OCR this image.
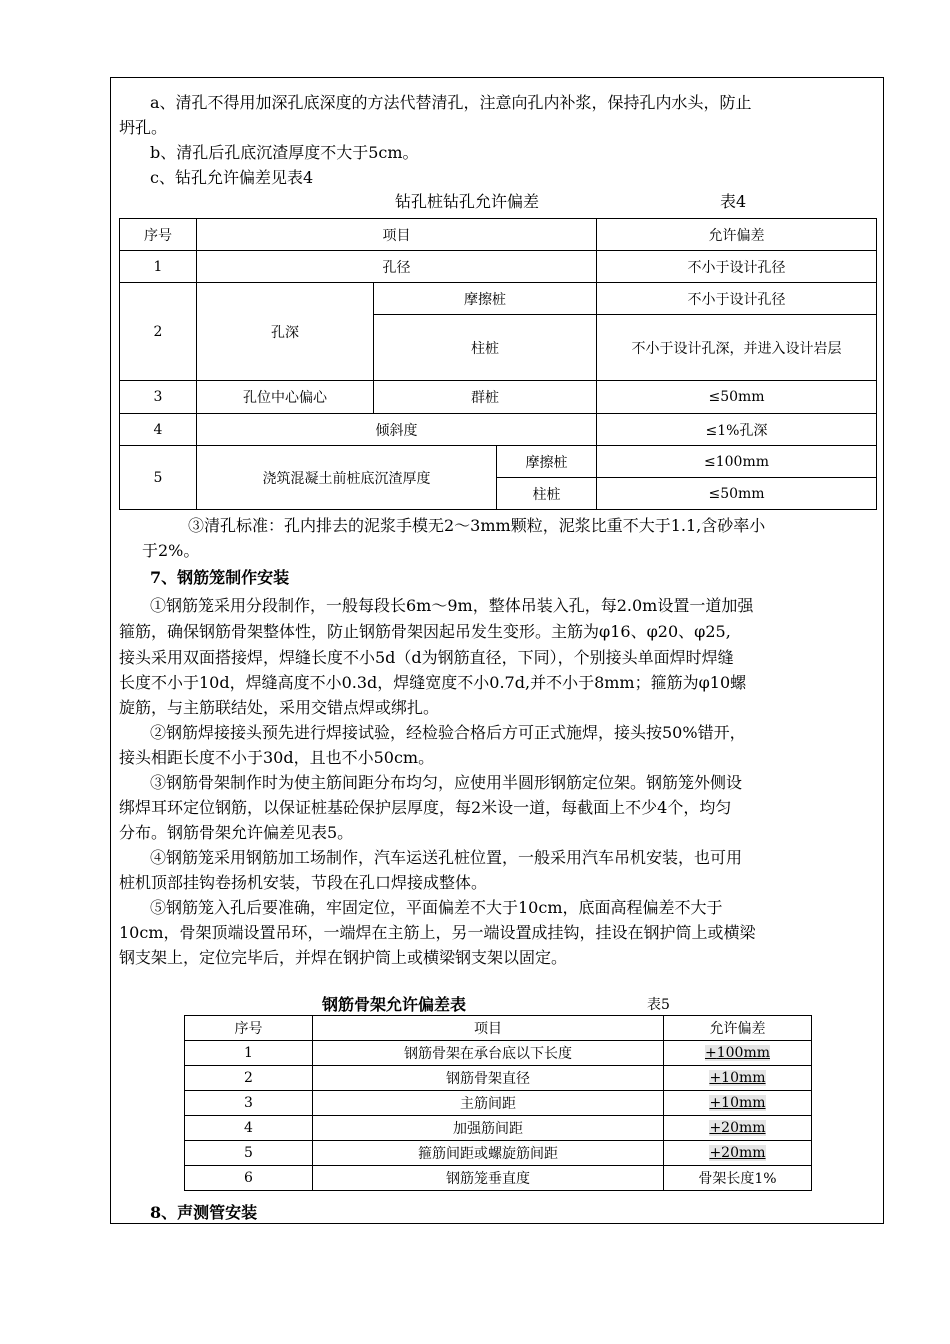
a、清孔不得用加深孔底深度的方法代替清孔，注意向孔内补浆，保持孔内水头，防止
坍孔。
b、清孔后孔底沉渣厚度不大于5cm。
c、钻孔允许偏差见表4
钻孔桩钻孔允许偏差	表4
序号	项目			允许偏差
1	孔径			不小于设计孔径
2	孔深	摩擦桩		不小于设计孔径
		柱桩		不小于设计孔深，并进入设计岩层
3	孔位中心偏心	群桩		≤50mm
4	倾斜度			≤1%孔深
5	浇筑混凝土前桩底沉渣厚度		摩擦桩	≤100mm
			柱桩	≤50mm
③清孔标准：孔内排去的泥浆手模无2～3mm颗粒，泥浆比重不大于1.1,含砂率小
于2%。
7、钢筋笼制作安装
①钢筋笼采用分段制作，一般每段长6m～9m，整体吊装入孔，每2.0m设置一道加强
箍筋，确保钢筋骨架整体性，防止钢筋骨架因起吊发生变形。主筋为φ16、φ20、φ25,
接头采用双面搭接焊，焊缝长度不小5d（d为钢筋直径，下同），个别接头单面焊时焊缝
长度不小于10d，焊缝高度不小0.3d，焊缝宽度不小0.7d,并不小于8mm；箍筋为φ10螺
旋筋，与主筋联结处，采用交错点焊或绑扎。
②钢筋焊接接头预先进行焊接试验，经检验合格后方可正式施焊，接头按50%错开，
接头相距长度不小于30d，且也不小50cm。
③钢筋骨架制作时为使主筋间距分布均匀，应使用半圆形钢筋定位架。钢筋笼外侧设
绑焊耳环定位钢筋，以保证桩基砼保护层厚度，每2米设一道，每截面上不少4个，均匀
分布。钢筋骨架允许偏差见表5。
④钢筋笼采用钢筋加工场制作，汽车运送孔桩位置，一般采用汽车吊机安装，也可用
桩机顶部挂钩卷扬机安装，节段在孔口焊接成整体。
⑤钢筋笼入孔后要准确，牢固定位，平面偏差不大于10cm，底面高程偏差不大于
10cm，骨架顶端设置吊环，一端焊在主筋上，另一端设置成挂钩，挂设在钢护筒上或横梁
钢支架上，定位完毕后，并焊在钢护筒上或横梁钢支架以固定。
钢筋骨架允许偏差表	表5
序号	项目	允许偏差
1	钢筋骨架在承台底以下长度	+100mm
2	钢筋骨架直径	+10mm
3	主筋间距	+10mm
4	加强筋间距	+20mm
5	箍筋间距或螺旋筋间距	+20mm
6	钢筋笼垂直度	骨架长度1%
8、声测管安装
